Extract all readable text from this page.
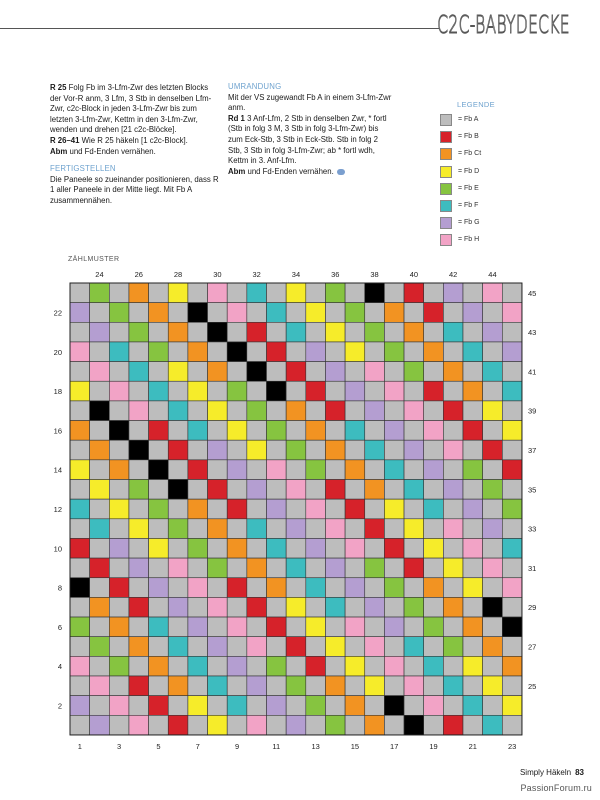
C2C-BABYDECKE

R 25 Folg Fb im 3-Lfm-Zwr des letzten Blocks der Vor-R anm, 3 Lfm, 3 Stb in denselben Lfm-Zwr, c2c-Block in jeden 3-Lfm-Zwr bis zum letzten 3-Lfm-Zwr, Kettm in den 3-Lfm-Zwr, wenden und drehen [21 c2c-Blöcke].

R 26–41 Wie R 25 häkeln [1 c2c-Block].

Abm und Fd-Enden vernähen.

FERTIGSTELLEN

Die Paneele so zueinander positionieren, dass R 1 aller Paneele in der Mitte liegt. Mit Fb A zusammennähen.

UMRANDUNG

Mit der VS zugewandt Fb A in einem 3-Lfm-Zwr anm.

Rd 1 3 Anf-Lfm, 2 Stb in denselben Zwr, * fortl (Stb in folg 3 M, 3 Stb in folg 3-Lfm-Zwr) bis zum Eck-Stb, 3 Stb in Eck-Stb. Stb in folg 2 Stb, 3 Stb in folg 3-Lfm-Zwr; ab * fortl wdh, Kettm in 3. Anf-Lfm.

Abm und Fd-Enden vernähen.

LEGENDE
= Fb A
= Fb B
= Fb Ct
= Fb D
= Fb E
= Fb F
= Fb G
= Fb H
ZÄHLMUSTER
24	26	28	30	32	34	36	38	40	42	44
1	3	5	7	9	11	13	15	17	19	21	23
22
20
18
16
14
12
10
8
6
4
2
45
43
41
39
37
35
33
31
29
27
25
Simply Häkeln 83
PassionForum.ru
